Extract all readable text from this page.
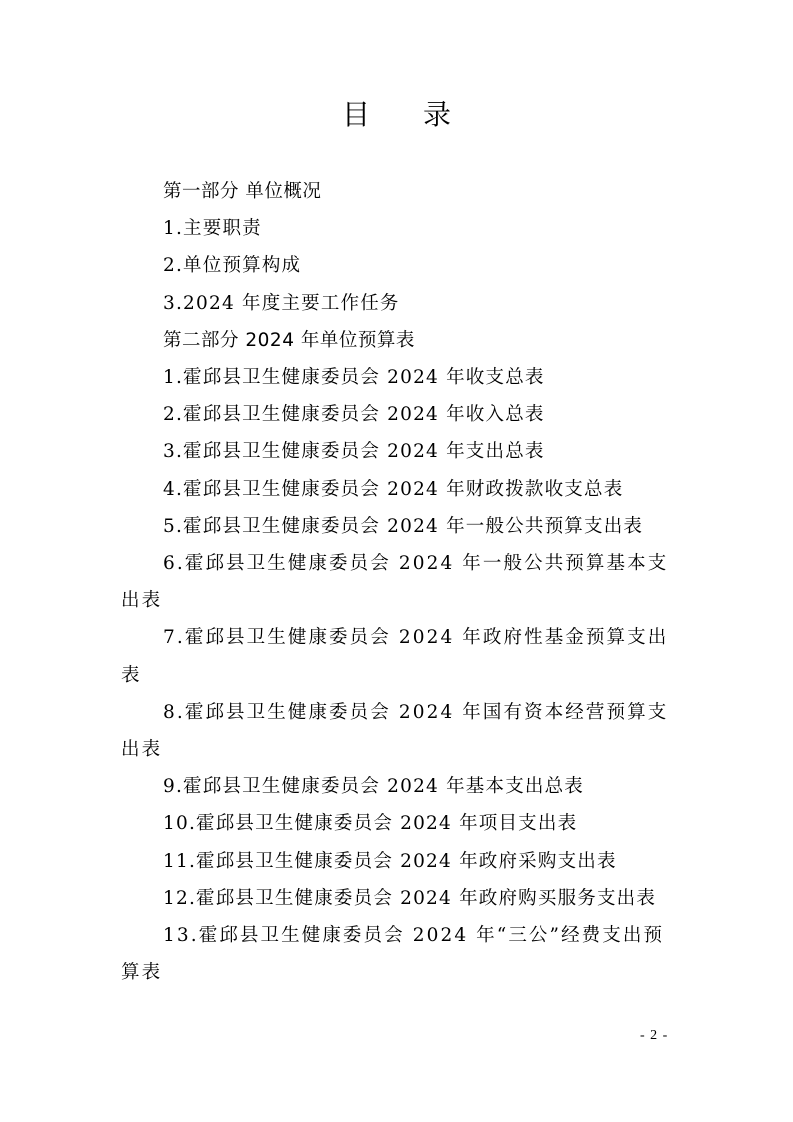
目 录
第一部分 单位概况
1.主要职责
2.单位预算构成
3.2024 年度主要工作任务
第二部分 2024 年单位预算表
1.霍邱县卫生健康委员会 2024 年收支总表
2.霍邱县卫生健康委员会 2024 年收入总表
3.霍邱县卫生健康委员会 2024 年支出总表
4.霍邱县卫生健康委员会 2024 年财政拨款收支总表
5.霍邱县卫生健康委员会 2024 年一般公共预算支出表
6.霍邱县卫生健康委员会 2024 年一般公共预算基本支出表
7.霍邱县卫生健康委员会 2024 年政府性基金预算支出表
8.霍邱县卫生健康委员会 2024 年国有资本经营预算支出表
9.霍邱县卫生健康委员会 2024 年基本支出总表
10.霍邱县卫生健康委员会 2024 年项目支出表
11.霍邱县卫生健康委员会 2024 年政府采购支出表
12.霍邱县卫生健康委员会 2024 年政府购买服务支出表
13.霍邱县卫生健康委员会 2024 年“三公”经费支出预算表
- 2 -
